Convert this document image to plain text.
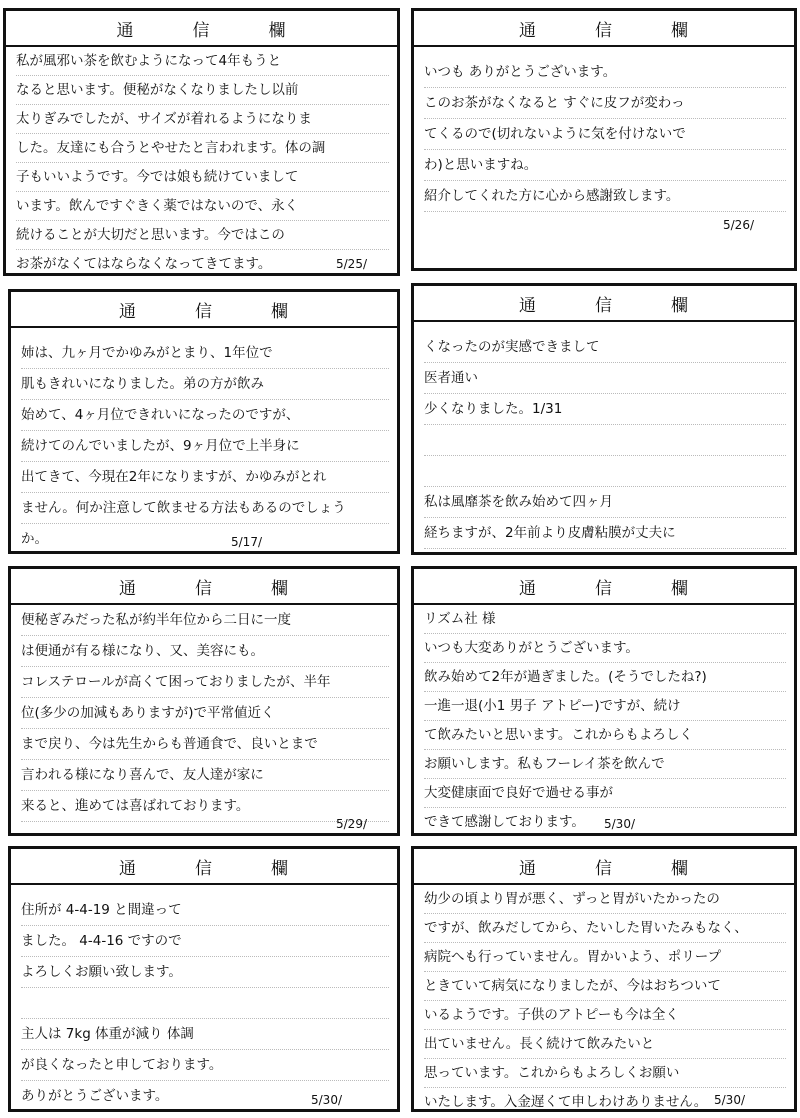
通	信	欄
私が風邪い茶を飲むようになって4年もうと
なると思います。便秘がなくなりましたし以前
太りぎみでしたが、サイズが着れるようになりま
した。友達にも合うとやせたと言われます。体の調
子もいいようです。今では娘も続けていまして
います。飲んですぐきく薬ではないので、永く
続けることが大切だと思います。今ではこの
お茶がなくてはならなくなってきてます。	5/25/
通	信	欄
いつも ありがとうございます。
このお茶がなくなると すぐに皮フが変わっ
てくるので(切れないように気を付けないで
わ)と思いますね。
紹介してくれた方に心から感謝致します。
5/26/
通	信	欄
姉は、九ヶ月でかゆみがとまり、1年位で
肌もきれいになりました。弟の方が飲み
始めて、4ヶ月位できれいになったのですが、
続けてのんでいましたが、9ヶ月位で上半身に
出てきて、今現在2年になりますが、かゆみがとれ
ません。何か注意して飲ませる方法もあるのでしょう
か。	5/17/
通	信	欄
くなったのが実感できまして
医者通い
少くなりました。1/31
私は風靡茶を飲み始めて四ヶ月
経ちますが、2年前より皮膚粘膜が丈夫に
通	信	欄
便秘ぎみだった私が約半年位から二日に一度
は便通が有る様になり、又、美容にも。
コレステロールが高くて困っておりましたが、半年
位(多少の加減もありますが)で平常値近く
まで戻り、今は先生からも普通食で、良いとまで
言われる様になり喜んで、友人達が家に
来ると、進めては喜ばれております。
5/29/
通	信	欄
リズム社 様
いつも大変ありがとうございます。
飲み始めて2年が過ぎました。(そうでしたね?)
一進一退(小1 男子 アトピー)ですが、続け
て飲みたいと思います。これからもよろしく
お願いします。私もフーレイ茶を飲んで
大変健康面で良好で過せる事が
できて感謝しております。	5/30/
通	信	欄
住所が 4-4-19 と間違って
ました。 4-4-16 ですので
よろしくお願い致します。
主人は 7kg 体重が減り 体調
が良くなったと申しております。
ありがとうございます。	5/30/
通	信	欄
幼少の頃より胃が悪く、ずっと胃がいたかったの
ですが、飲みだしてから、たいした胃いたみもなく、
病院へも行っていません。胃かいよう、ポリープ
ときていて病気になりましたが、今はおちついて
いるようです。子供のアトピーも今は全く
出ていません。長く続けて飲みたいと
思っています。これからもよろしくお願い
いたします。入金遅くて申しわけありません。 5/30/
